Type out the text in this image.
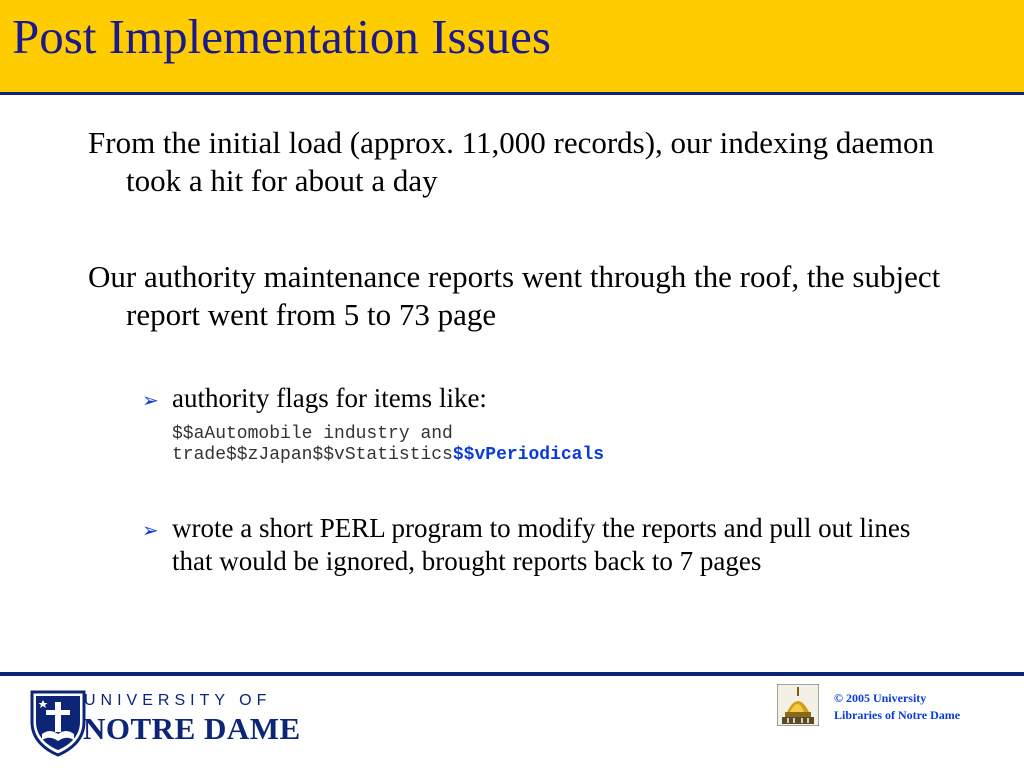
Post Implementation Issues
From the initial load (approx. 11,000 records), our indexing daemon took a hit for about a day
Our authority maintenance reports went through the roof, the subject report went from 5 to 73 page
➢ authority flags for items like:
$$aAutomobile industry and
trade$$zJapan$$vStatistics$$vPeriodicals
➢ wrote a short PERL program to modify the reports and pull out lines that would be ignored, brought reports back to 7 pages
UNIVERSITY OF
NOTRE DAME
© 2005 University
Libraries of Notre Dame
